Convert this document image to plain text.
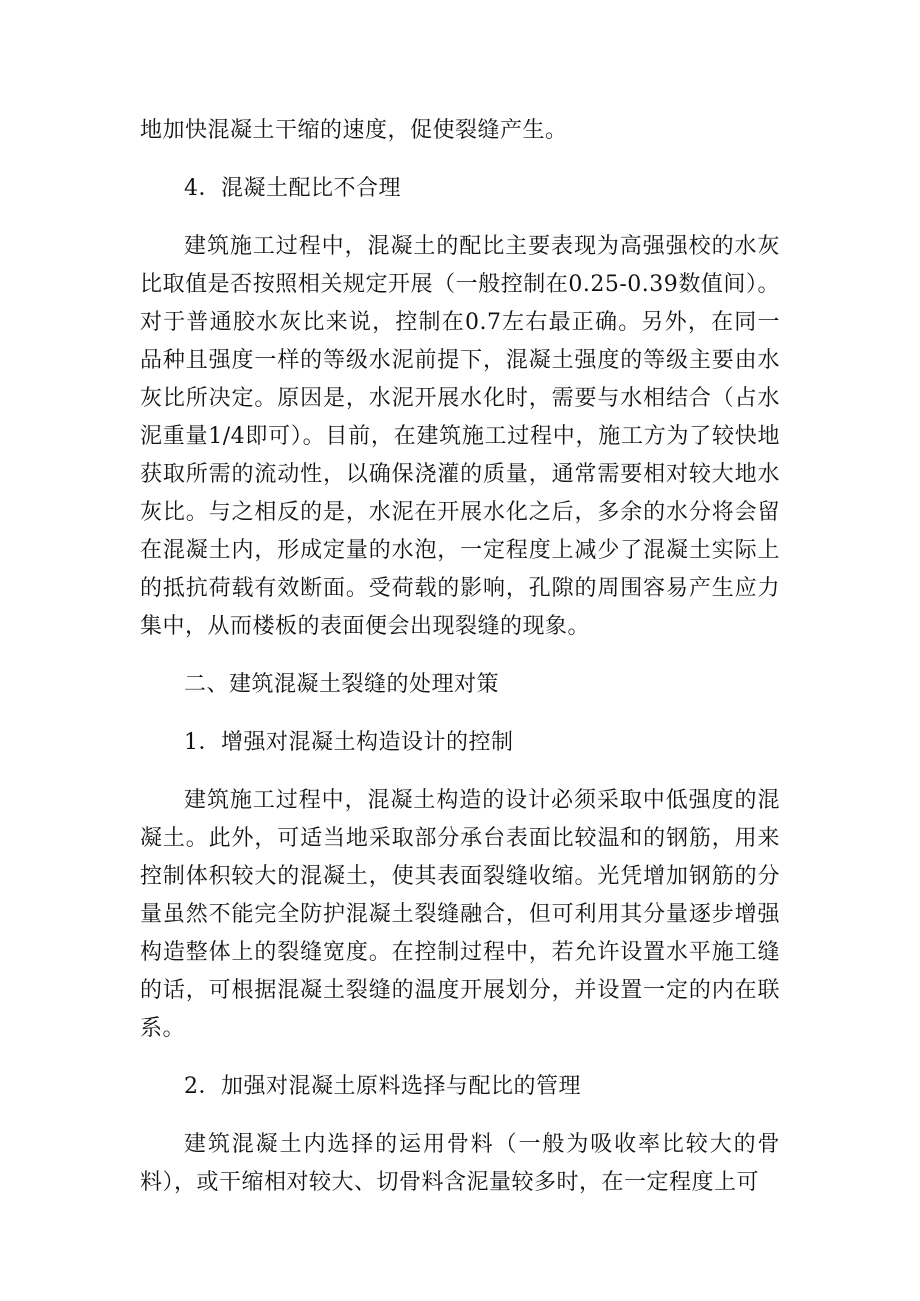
地加快混凝土干缩的速度，促使裂缝产生。

4．混凝土配比不合理

建筑施工过程中，混凝土的配比主要表现为高强强校的水灰比取值是否按照相关规定开展（一般控制在0.25-0.39数值间）。对于普通胶水灰比来说，控制在0.7左右最正确。另外，在同一品种且强度一样的等级水泥前提下，混凝土强度的等级主要由水灰比所决定。原因是，水泥开展水化时，需要与水相结合（占水泥重量1/4即可）。目前，在建筑施工过程中，施工方为了较快地获取所需的流动性，以确保浇灌的质量，通常需要相对较大地水灰比。与之相反的是，水泥在开展水化之后，多余的水分将会留在混凝土内，形成定量的水泡，一定程度上减少了混凝土实际上的抵抗荷载有效断面。受荷载的影响，孔隙的周围容易产生应力集中，从而楼板的表面便会出现裂缝的现象。

二、建筑混凝土裂缝的处理对策

1．增强对混凝土构造设计的控制

建筑施工过程中，混凝土构造的设计必须采取中低强度的混凝土。此外，可适当地采取部分承台表面比较温和的钢筋，用来控制体积较大的混凝土，使其表面裂缝收缩。光凭增加钢筋的分量虽然不能完全防护混凝土裂缝融合，但可利用其分量逐步增强构造整体上的裂缝宽度。在控制过程中，若允许设置水平施工缝的话，可根据混凝土裂缝的温度开展划分，并设置一定的内在联系。

2．加强对混凝土原料选择与配比的管理

建筑混凝土内选择的运用骨料（一般为吸收率比较大的骨料），或干缩相对较大、切骨料含泥量较多时，在一定程度上可
